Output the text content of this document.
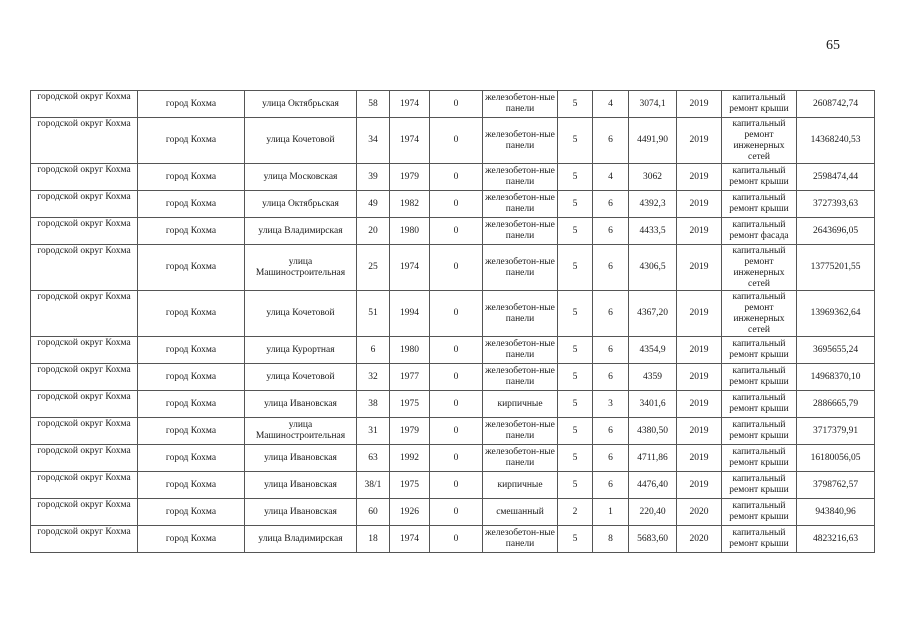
65
городской округ Кохма	город Кохма	улица Октябрьская	58	1974	0	железобетон-ные панели	5	4	3074,1	2019	капитальный ремонт крыши	2608742,74
городской округ Кохма	город Кохма	улица Кочетовой	34	1974	0	железобетон-ные панели	5	6	4491,90	2019	капитальный ремонт инженерных сетей	14368240,53
городской округ Кохма	город Кохма	улица Московская	39	1979	0	железобетон-ные панели	5	4	3062	2019	капитальный ремонт крыши	2598474,44
городской округ Кохма	город Кохма	улица Октябрьская	49	1982	0	железобетон-ные панели	5	6	4392,3	2019	капитальный ремонт крыши	3727393,63
городской округ Кохма	город Кохма	улица Владимирская	20	1980	0	железобетон-ные панели	5	6	4433,5	2019	капитальный ремонт фасада	2643696,05
городской округ Кохма	город Кохма	улица Машиностроительная	25	1974	0	железобетон-ные панели	5	6	4306,5	2019	капитальный ремонт инженерных сетей	13775201,55
городской округ Кохма	город Кохма	улица Кочетовой	51	1994	0	железобетон-ные панели	5	6	4367,20	2019	капитальный ремонт инженерных сетей	13969362,64
городской округ Кохма	город Кохма	улица Курортная	6	1980	0	железобетон-ные панели	5	6	4354,9	2019	капитальный ремонт крыши	3695655,24
городской округ Кохма	город Кохма	улица Кочетовой	32	1977	0	железобетон-ные панели	5	6	4359	2019	капитальный ремонт крыши	14968370,10
городской округ Кохма	город Кохма	улица Ивановская	38	1975	0	кирпичные	5	3	3401,6	2019	капитальный ремонт крыши	2886665,79
городской округ Кохма	город Кохма	улица Машиностроительная	31	1979	0	железобетон-ные панели	5	6	4380,50	2019	капитальный ремонт крыши	3717379,91
городской округ Кохма	город Кохма	улица Ивановская	63	1992	0	железобетон-ные панели	5	6	4711,86	2019	капитальный ремонт крыши	16180056,05
городской округ Кохма	город Кохма	улица Ивановская	38/1	1975	0	кирпичные	5	6	4476,40	2019	капитальный ремонт крыши	3798762,57
городской округ Кохма	город Кохма	улица Ивановская	60	1926	0	смешанный	2	1	220,40	2020	капитальный ремонт крыши	943840,96
городской округ Кохма	город Кохма	улица Владимирская	18	1974	0	железобетон-ные панели	5	8	5683,60	2020	капитальный ремонт крыши	4823216,63
